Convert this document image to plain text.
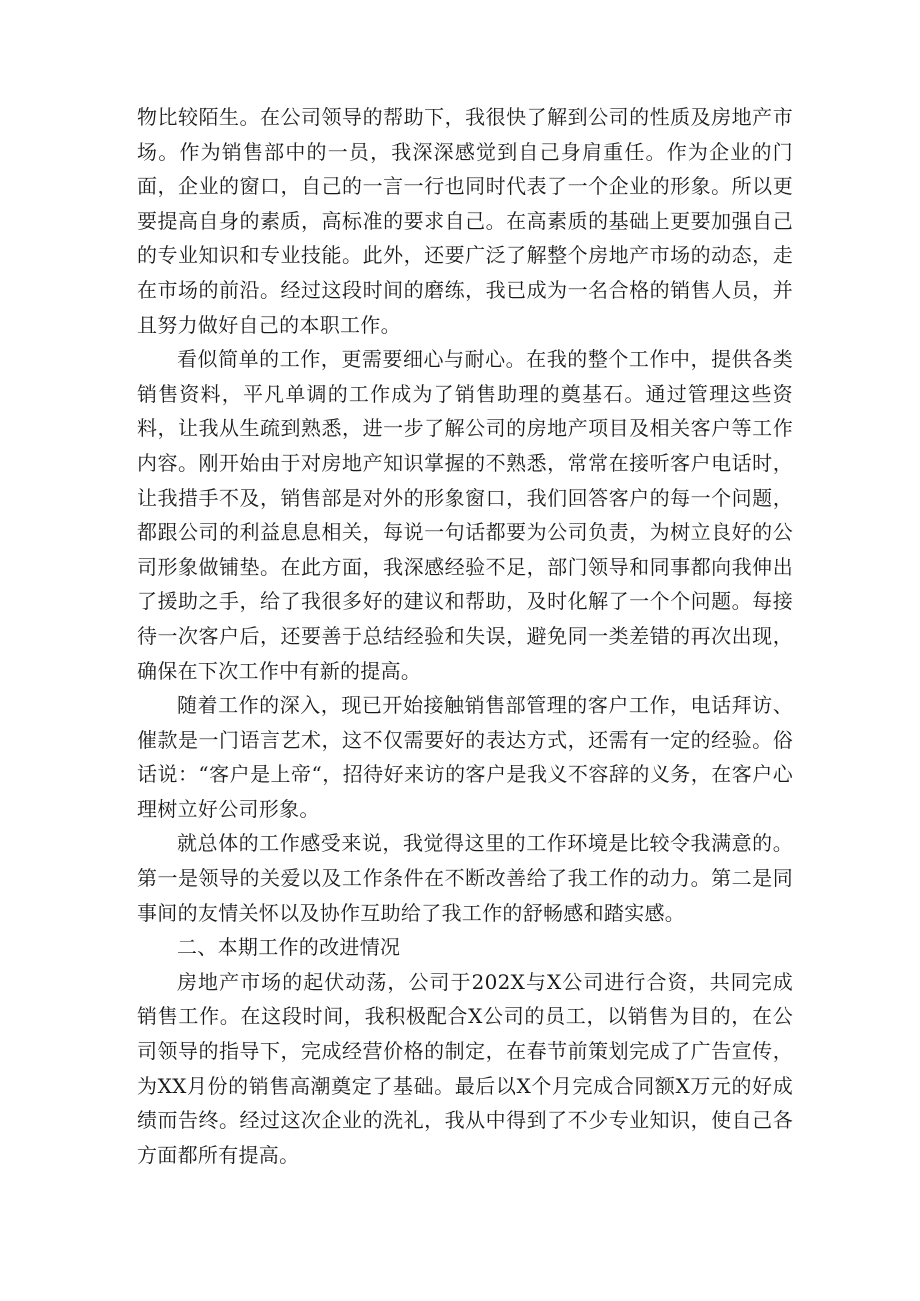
物比较陌生。在公司领导的帮助下，我很快了解到公司的性质及房地产市场。作为销售部中的一员，我深深感觉到自己身肩重任。作为企业的门面，企业的窗口，自己的一言一行也同时代表了一个企业的形象。所以更要提高自身的素质，高标准的要求自己。在高素质的基础上更要加强自己的专业知识和专业技能。此外，还要广泛了解整个房地产市场的动态，走在市场的前沿。经过这段时间的磨练，我已成为一名合格的销售人员，并且努力做好自己的本职工作。

看似简单的工作，更需要细心与耐心。在我的整个工作中，提供各类销售资料，平凡单调的工作成为了销售助理的奠基石。通过管理这些资料，让我从生疏到熟悉，进一步了解公司的房地产项目及相关客户等工作内容。刚开始由于对房地产知识掌握的不熟悉，常常在接听客户电话时，让我措手不及，销售部是对外的形象窗口，我们回答客户的每一个问题，都跟公司的利益息息相关，每说一句话都要为公司负责，为树立良好的公司形象做铺垫。在此方面，我深感经验不足，部门领导和同事都向我伸出了援助之手，给了我很多好的建议和帮助，及时化解了一个个问题。每接待一次客户后，还要善于总结经验和失误，避免同一类差错的再次出现，确保在下次工作中有新的提高。

随着工作的深入，现已开始接触销售部管理的客户工作，电话拜访、催款是一门语言艺术，这不仅需要好的表达方式，还需有一定的经验。俗话说：“客户是上帝“，招待好来访的客户是我义不容辞的义务，在客户心理树立好公司形象。

就总体的工作感受来说，我觉得这里的工作环境是比较令我满意的。第一是领导的关爱以及工作条件在不断改善给了我工作的动力。第二是同事间的友情关怀以及协作互助给了我工作的舒畅感和踏实感。

二、本期工作的改进情况

房地产市场的起伏动荡，公司于202X与X公司进行合资，共同完成销售工作。在这段时间，我积极配合X公司的员工，以销售为目的，在公司领导的指导下，完成经营价格的制定，在春节前策划完成了广告宣传，为XX月份的销售高潮奠定了基础。最后以X个月完成合同额X万元的好成绩而告终。经过这次企业的洗礼，我从中得到了不少专业知识，使自己各方面都所有提高。
